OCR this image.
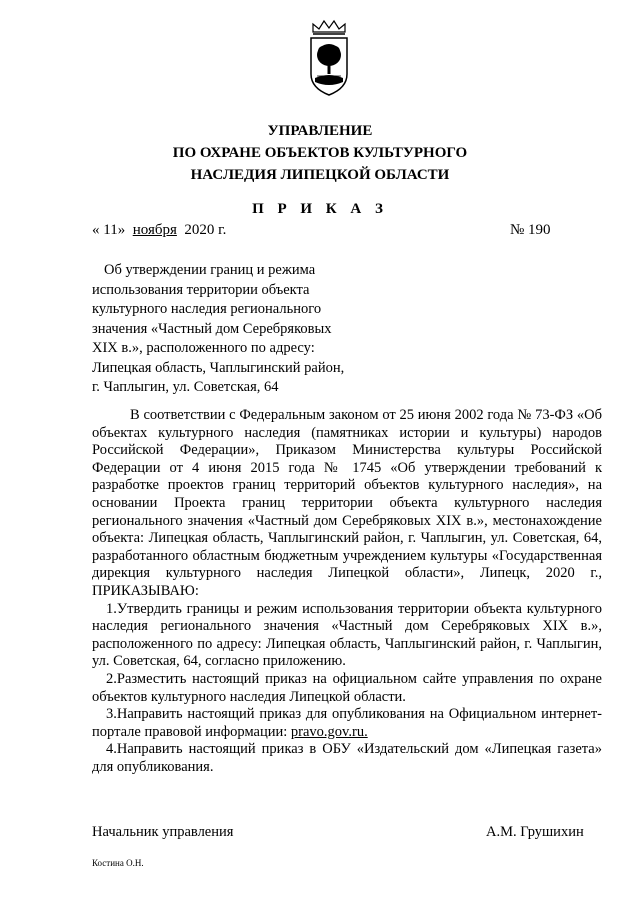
УПРАВЛЕНИЕ
ПО ОХРАНЕ ОБЪЕКТОВ КУЛЬТУРНОГО
НАСЛЕДИЯ ЛИПЕЦКОЙ ОБЛАСТИ
П Р И К А З
« 11» ноября 2020 г.	№ 190
Об утверждении границ и режима
использования территории объекта
культурного наследия регионального
значения «Частный дом Серебряковых
XIX в.», расположенного по адресу:
Липецкая область, Чаплыгинский район,
г. Чаплыгин, ул. Советская, 64

В соответствии с Федеральным законом от 25 июня 2002 года № 73-ФЗ «Об объектах культурного наследия (памятниках истории и культуры) народов Российской Федерации», Приказом Министерства культуры Российской Федерации от 4 июня 2015 года № 1745 «Об утверждении требований к разработке проектов границ территорий объектов культурного наследия», на основании Проекта границ территории объекта культурного наследия регионального значения «Частный дом Серебряковых XIX в.», местонахождение объекта: Липецкая область, Чаплыгинский район, г. Чаплыгин, ул. Советская, 64, разработанного областным бюджетным учреждением культуры «Государственная дирекция культурного наследия Липецкой области», Липецк, 2020 г., ПРИКАЗЫВАЮ:

1.Утвердить границы и режим использования территории объекта культурного наследия регионального значения «Частный дом Серебряковых XIX в.», расположенного по адресу: Липецкая область, Чаплыгинский район, г. Чаплыгин, ул. Советская, 64, согласно приложению.

2.Разместить настоящий приказ на официальном сайте управления по охране объектов культурного наследия Липецкой области.

3.Направить настоящий приказ для опубликования на Официальном интернет-портале правовой информации: pravo.gov.ru.

4.Направить настоящий приказ в ОБУ «Издательский дом «Липецкая газета» для опубликования.

Начальник управления	А.М. Грушихин
Костина О.Н.
